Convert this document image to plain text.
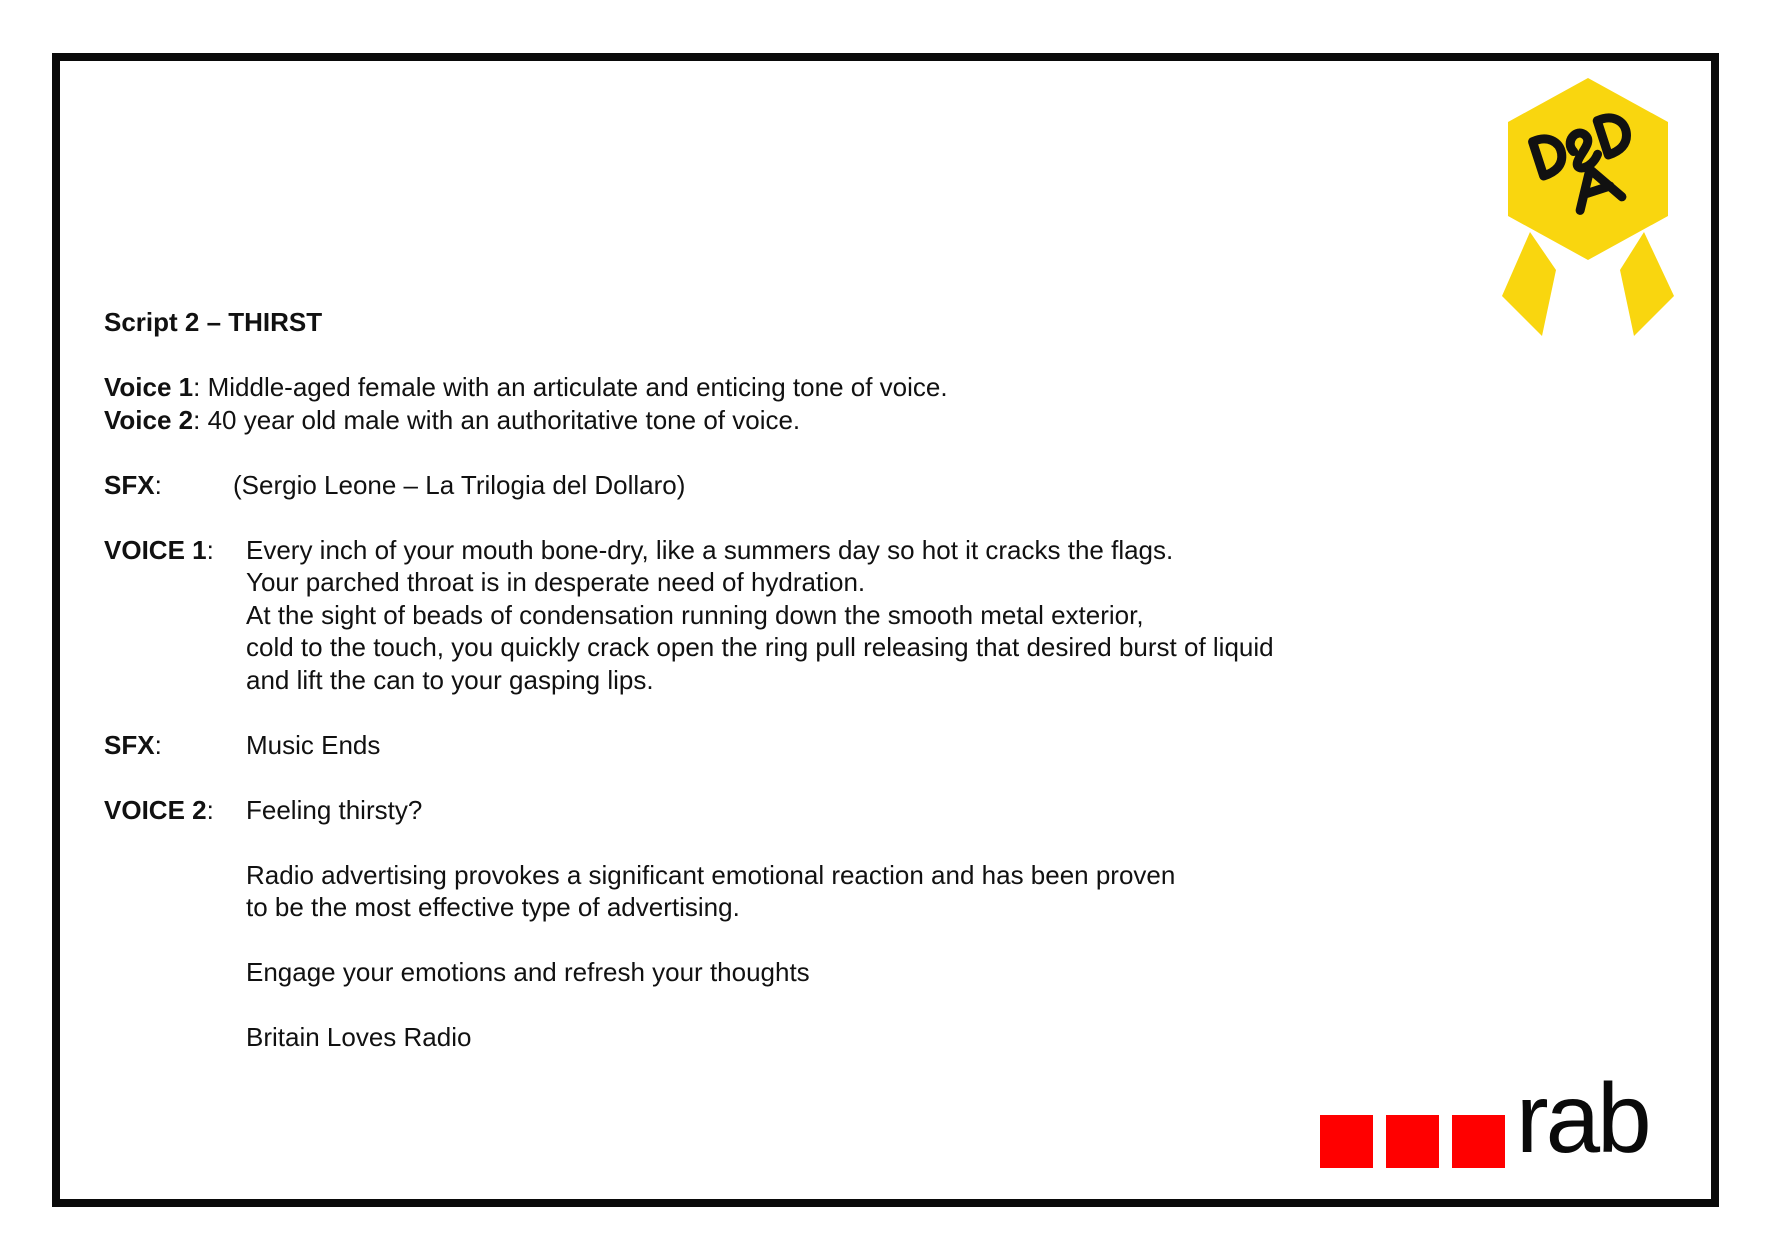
Script 2 – THIRST
Voice 1: Middle-aged female with an articulate and enticing tone of voice.
Voice 2: 40 year old male with an authoritative tone of voice.
SFX:	(Sergio Leone – La Trilogia del Dollaro)
VOICE 1: Every inch of your mouth bone-dry, like a summers day so hot it cracks the flags.
Your parched throat is in desperate need of hydration.
At the sight of beads of condensation running down the smooth metal exterior,
cold to the touch, you quickly crack open the ring pull releasing that desired burst of liquid
and lift the can to your gasping lips.
SFX:	Music Ends
VOICE 2: Feeling thirsty?
Radio advertising provokes a significant emotional reaction and has been proven
to be the most effective type of advertising.
Engage your emotions and refresh your thoughts
Britain Loves Radio
rab
